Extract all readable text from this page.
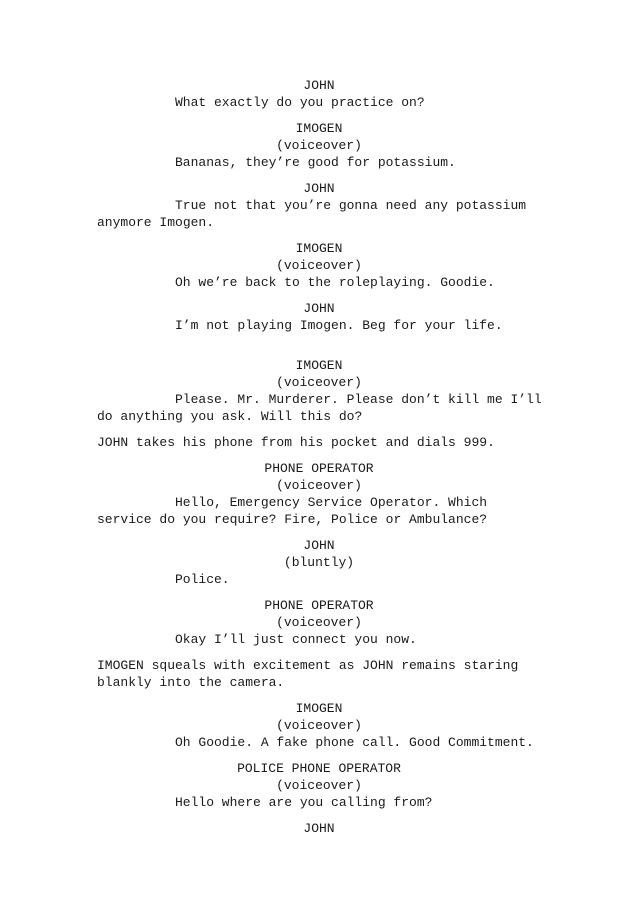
JOHN
What exactly do you practice on?
IMOGEN
(voiceover)
Bananas, they’re good for potassium.
JOHN
True not that you’re gonna need any potassium
anymore Imogen.
IMOGEN
(voiceover)
Oh we’re back to the roleplaying. Goodie.
JOHN
I’m not playing Imogen. Beg for your life.
IMOGEN
(voiceover)
Please. Mr. Murderer. Please don’t kill me I’ll
do anything you ask. Will this do?
JOHN takes his phone from his pocket and dials 999.
PHONE OPERATOR
(voiceover)
Hello, Emergency Service Operator. Which
service do you require? Fire, Police or Ambulance?
JOHN
(bluntly)
Police.
PHONE OPERATOR
(voiceover)
Okay I’ll just connect you now.
IMOGEN squeals with excitement as JOHN remains staring
blankly into the camera.
IMOGEN
(voiceover)
Oh Goodie. A fake phone call. Good Commitment.
POLICE PHONE OPERATOR
(voiceover)
Hello where are you calling from?
JOHN
